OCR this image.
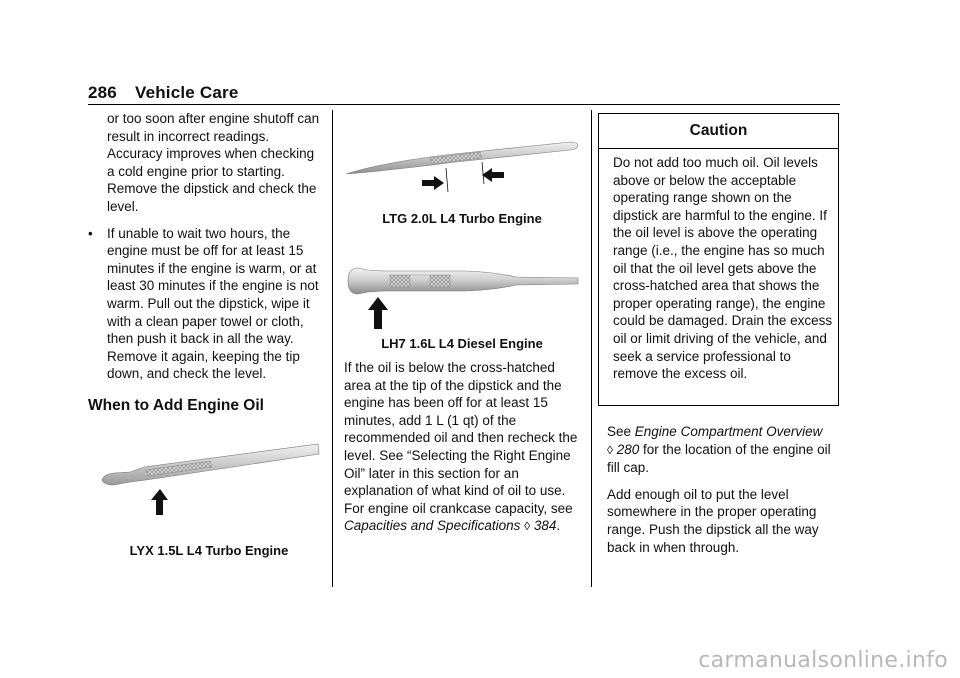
286 Vehicle Care

or too soon after engine shutoff can result in incorrect readings. Accuracy improves when checking a cold engine prior to starting. Remove the dipstick and check the level.

• If unable to wait two hours, the engine must be off for at least 15 minutes if the engine is warm, or at least 30 minutes if the engine is not warm. Pull out the dipstick, wipe it with a clean paper towel or cloth, then push it back in all the way. Remove it again, keeping the tip down, and check the level.
When to Add Engine Oil
LYX 1.5L L4 Turbo Engine
LTG 2.0L L4 Turbo Engine
LH7 1.6L L4 Diesel Engine

If the oil is below the cross-hatched area at the tip of the dipstick and the engine has been off for at least 15 minutes, add 1 L (1 qt) of the recommended oil and then recheck the level. See “Selecting the Right Engine Oil” later in this section for an explanation of what kind of oil to use. For engine oil crankcase capacity, see Capacities and Specifications ◊ 384.

Caution
Do not add too much oil. Oil levels above or below the acceptable operating range shown on the dipstick are harmful to the engine. If the oil level is above the operating range (i.e., the engine has so much oil that the oil level gets above the cross-hatched area that shows the proper operating range), the engine could be damaged. Drain the excess oil or limit driving of the vehicle, and seek a service professional to remove the excess oil.

See Engine Compartment Overview
◊ 280 for the location of the engine oil fill cap.

Add enough oil to put the level somewhere in the proper operating range. Push the dipstick all the way back in when through.

carmanualsonline.info
